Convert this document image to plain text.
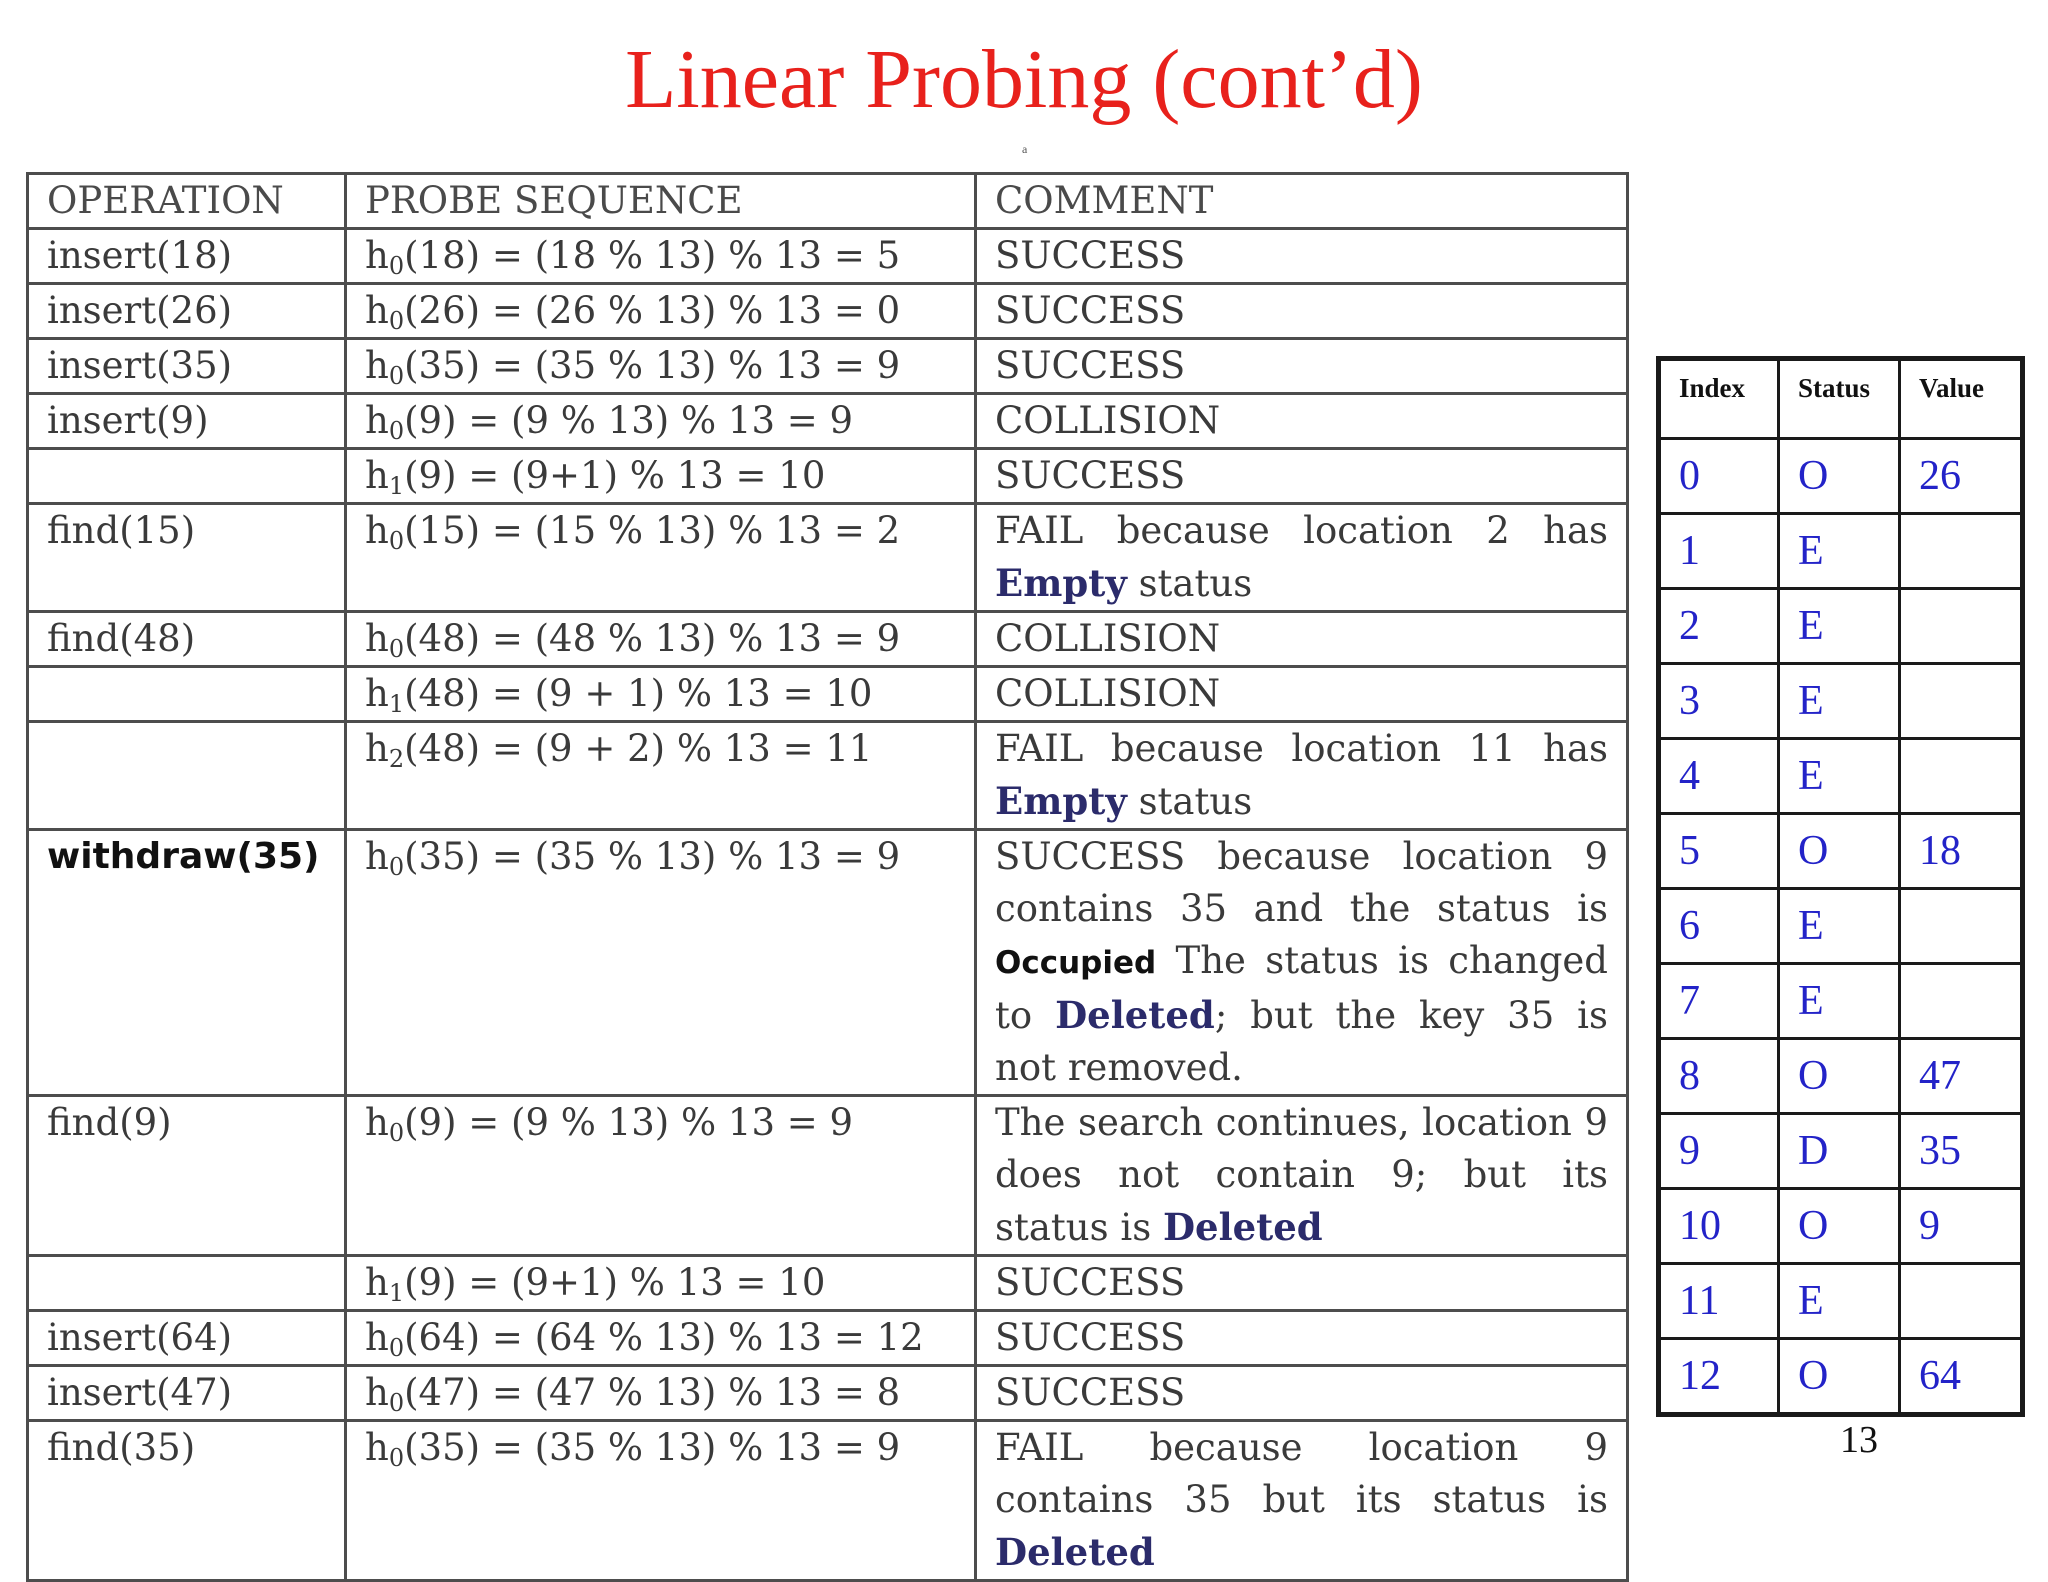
Linear Probing (cont’d)
a
OPERATION	PROBE SEQUENCE	COMMENT
insert(18)	$h_0(18) = (18$ % 13) % 13 = 5	SUCCESS
insert(26)	$h_0(26) = (26$ % 13) % 13 = 0	SUCCESS
insert(35)	$h_0(35) = (35$ % 13) % 13 = 9	SUCCESS
insert(9)	$h_0(9) = (9$ % 13) % 13 = 9	COLLISION
	$h_1(9) = (9+1)$ % 13 = 10	SUCCESS
find(15)	$h_0(15) = (15$ % 13) % 13 = 2	FAIL because location 2 has Empty status
find(48)	$h_0(48) = (48$ % 13) % 13 = 9	COLLISION
	$h_1(48) = (9 + 1)$ % 13 = 10	COLLISION
	$h_2(48) = (9 + 2)$ % 13 = 11	FAIL because location 11 has Empty status
withdraw(35)	$h_0(35) = (35$ % 13) % 13 = 9	SUCCESS because location 9 contains 35 and the status is Occupied The status is changed to Deleted; but the key 35 is not removed.
find(9)	$h_0(9) = (9$ % 13) % 13 = 9	The search continues, location 9 does not contain 9; but its status is Deleted
	$h_1(9) = (9+1)$ % 13 = 10	SUCCESS
insert(64)	$h_0(64) = (64$ % 13) % 13 = 12	SUCCESS
insert(47)	$h_0(47) = (47$ % 13) % 13 = 8	SUCCESS
find(35)	$h_0(35) = (35$ % 13) % 13 = 9	FAIL because location 9 contains 35 but its status is Deleted
Index	Status	Value
0	O	26
1	E	
2	E	
3	E	
4	E	
5	O	18
6	E	
7	E	
8	O	47
9	D	35
10	O	9
11	E	
12	O	64
13
